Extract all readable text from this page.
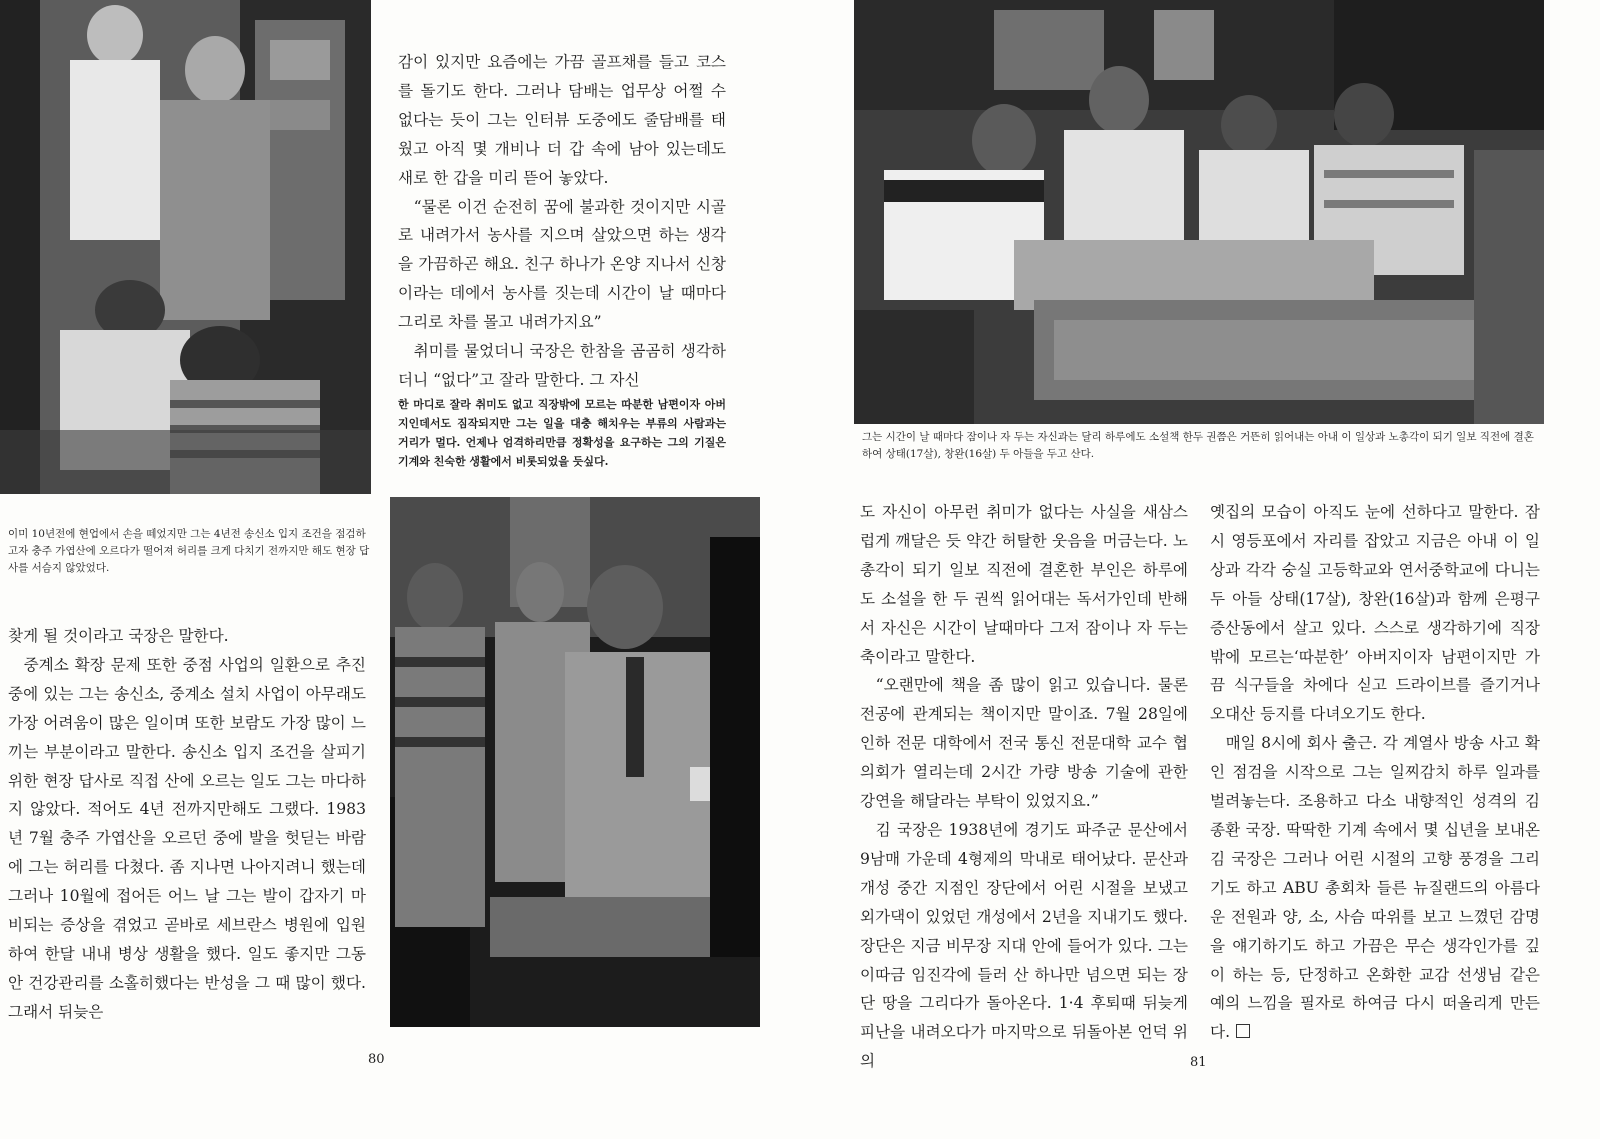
이미 10년전에 현업에서 손을 떼었지만 그는 4년전 송신소 입지 조건을 점검하고자 충주 가엽산에 오르다가 떨어져 허리를 크게 다치기 전까지만 해도 현장 답사를 서슴지 않았었다.

감이 있지만 요즘에는 가끔 골프채를 들고 코스를 돌기도 한다. 그러나 담배는 업무상 어쩔 수 없다는 듯이 그는 인터뷰 도중에도 줄담배를 태웠고 아직 몇 개비나 더 갑 속에 남아 있는데도 새로 한 갑을 미리 뜯어 놓았다.

“물론 이건 순전히 꿈에 불과한 것이지만 시골로 내려가서 농사를 지으며 살았으면 하는 생각을 가끔하곤 해요. 친구 하나가 온양 지나서 신창이라는 데에서 농사를 짓는데 시간이 날 때마다 그리로 차를 몰고 내려가지요”

취미를 물었더니 국장은 한참을 곰곰히 생각하더니 “없다”고 잘라 말한다. 그 자신

한 마디로 잘라 취미도 없고 직장밖에 모르는 따분한 남편이자 아버지인데서도 짐작되지만 그는 일을 대충 해치우는 부류의 사람과는 거리가 멀다. 언제나 엄격하리만큼 정확성을 요구하는 그의 기질은 기계와 친숙한 생활에서 비롯되었을 듯싶다.

찾게 될 것이라고 국장은 말한다.

중계소 확장 문제 또한 중점 사업의 일환으로 추진 중에 있는 그는 송신소, 중계소 설치 사업이 아무래도 가장 어려움이 많은 일이며 또한 보람도 가장 많이 느끼는 부분이라고 말한다. 송신소 입지 조건을 살피기 위한 현장 답사로 직접 산에 오르는 일도 그는 마다하지 않았다. 적어도 4년 전까지만해도 그랬다. 1983년 7월 충주 가엽산을 오르던 중에 발을 헛딛는 바람에 그는 허리를 다쳤다. 좀 지나면 나아지려니 했는데 그러나 10월에 접어든 어느 날 그는 발이 갑자기 마비되는 증상을 겪었고 곧바로 세브란스 병원에 입원하여 한달 내내 병상 생활을 했다. 일도 좋지만 그동안 건강관리를 소홀히했다는 반성을 그 때 많이 했다. 그래서 뒤늦은

80

그는 시간이 날 때마다 잠이나 자 두는 자신과는 달리 하루에도 소설책 한두 권쯤은 거뜬히 읽어내는 아내 이 일상과 노총각이 되기 일보 직전에 결혼하여 상태(17살), 창완(16살) 두 아들을 두고 산다.

도 자신이 아무런 취미가 없다는 사실을 새삼스럽게 깨달은 듯 약간 허탈한 웃음을 머금는다. 노총각이 되기 일보 직전에 결혼한 부인은 하루에도 소설을 한 두 권씩 읽어대는 독서가인데 반해서 자신은 시간이 날때마다 그저 잠이나 자 두는 축이라고 말한다.

“오랜만에 책을 좀 많이 읽고 있습니다. 물론 전공에 관계되는 책이지만 말이죠. 7월 28일에 인하 전문 대학에서 전국 통신 전문대학 교수 협의회가 열리는데 2시간 가량 방송 기술에 관한 강연을 해달라는 부탁이 있었지요.”

김 국장은 1938년에 경기도 파주군 문산에서 9남매 가운데 4형제의 막내로 태어났다. 문산과 개성 중간 지점인 장단에서 어린 시절을 보냈고 외가댁이 있었던 개성에서 2년을 지내기도 했다. 장단은 지금 비무장 지대 안에 들어가 있다. 그는 이따금 임진각에 들러 산 하나만 넘으면 되는 장단 땅을 그리다가 돌아온다. 1·4 후퇴때 뒤늦게 피난을 내려오다가 마지막으로 뒤돌아본 언덕 위의

옛집의 모습이 아직도 눈에 선하다고 말한다. 잠시 영등포에서 자리를 잡았고 지금은 아내 이 일상과 각각 숭실 고등학교와 연서중학교에 다니는 두 아들 상태(17살), 창완(16살)과 함께 은평구 증산동에서 살고 있다. 스스로 생각하기에 직장 밖에 모르는‘따분한’ 아버지이자 남편이지만 가끔 식구들을 차에다 싣고 드라이브를 즐기거나 오대산 등지를 다녀오기도 한다.

매일 8시에 회사 출근. 각 계열사 방송 사고 확인 점검을 시작으로 그는 일찌감치 하루 일과를 벌려놓는다. 조용하고 다소 내향적인 성격의 김 종환 국장. 딱딱한 기계 속에서 몇 십년을 보내온 김 국장은 그러나 어린 시절의 고향 풍경을 그리기도 하고 ABU 총회차 들른 뉴질랜드의 아름다운 전원과 양, 소, 사슴 따위를 보고 느꼈던 감명을 얘기하기도 하고 가끔은 무슨 생각인가를 깊이 하는 등, 단정하고 온화한 교감 선생님 같은 예의 느낌을 필자로 하여금 다시 떠올리게 만든다.

81
